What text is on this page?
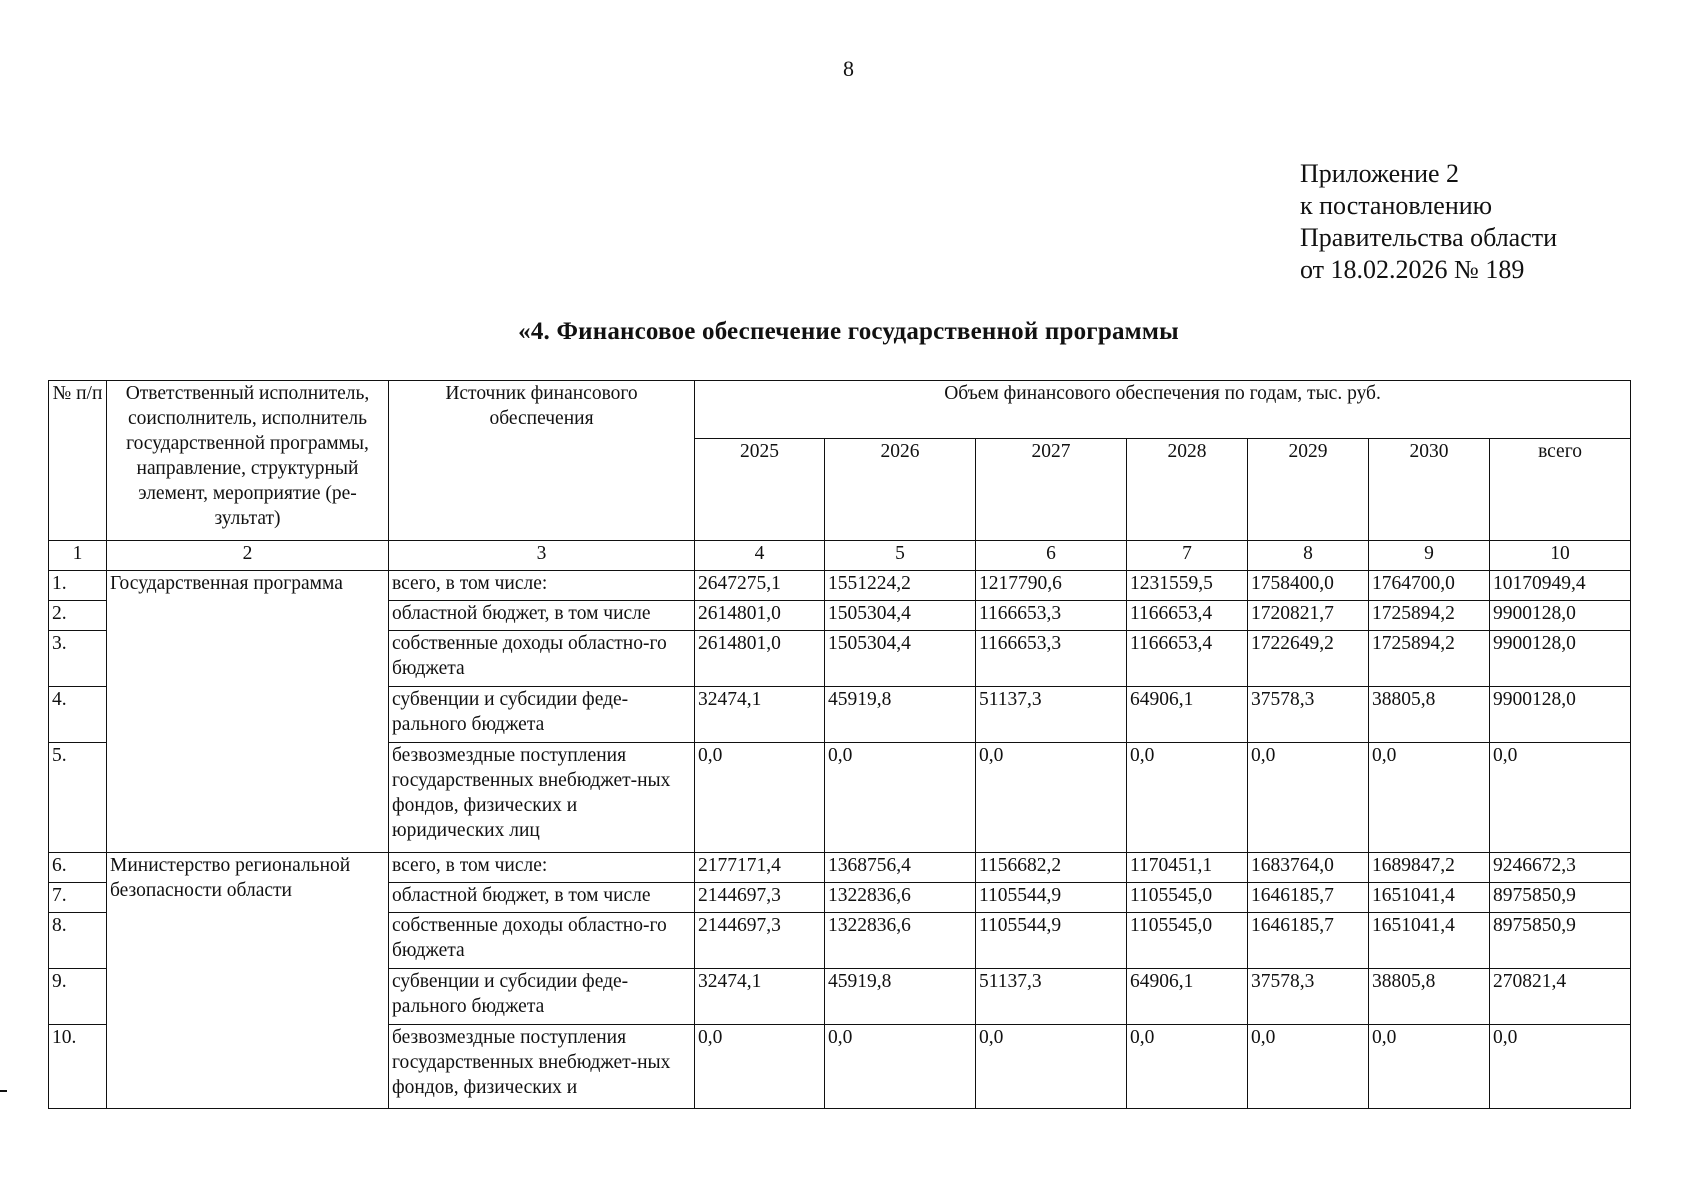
8
Приложение 2
к постановлению
Правительства области
от 18.02.2026 № 189
«4. Финансовое обеспечение государственной программы
№ п/п	Ответственный исполнитель, соисполнитель, исполнитель государственной программы, направление, структурный элемент, мероприятие (ре-зультат)	Источник финансового обеспечения	Объем финансового обеспечения по годам, тыс. руб.						
			2025	2026	2027	2028	2029	2030	всего
1	2	3	4	5	6	7	8	9	10
1.	Государственная программа	всего, в том числе:	2647275,1	1551224,2	1217790,6	1231559,5	1758400,0	1764700,0	10170949,4
2.		областной бюджет, в том числе	2614801,0	1505304,4	1166653,3	1166653,4	1720821,7	1725894,2	9900128,0
3.		собственные доходы областно-го бюджета	2614801,0	1505304,4	1166653,3	1166653,4	1722649,2	1725894,2	9900128,0
4.		субвенции и субсидии феде-рального бюджета	32474,1	45919,8	51137,3	64906,1	37578,3	38805,8	9900128,0
5.		безвозмездные поступления государственных внебюджет-ных фондов, физических и юридических лиц	0,0	0,0	0,0	0,0	0,0	0,0	0,0
6.	Министерство региональной безопасности области	всего, в том числе:	2177171,4	1368756,4	1156682,2	1170451,1	1683764,0	1689847,2	9246672,3
7.		областной бюджет, в том числе	2144697,3	1322836,6	1105544,9	1105545,0	1646185,7	1651041,4	8975850,9
8.		собственные доходы областно-го бюджета	2144697,3	1322836,6	1105544,9	1105545,0	1646185,7	1651041,4	8975850,9
9.		субвенции и субсидии феде-рального бюджета	32474,1	45919,8	51137,3	64906,1	37578,3	38805,8	270821,4
10.		безвозмездные поступления государственных внебюджет-ных фондов, физических и	0,0	0,0	0,0	0,0	0,0	0,0	0,0
